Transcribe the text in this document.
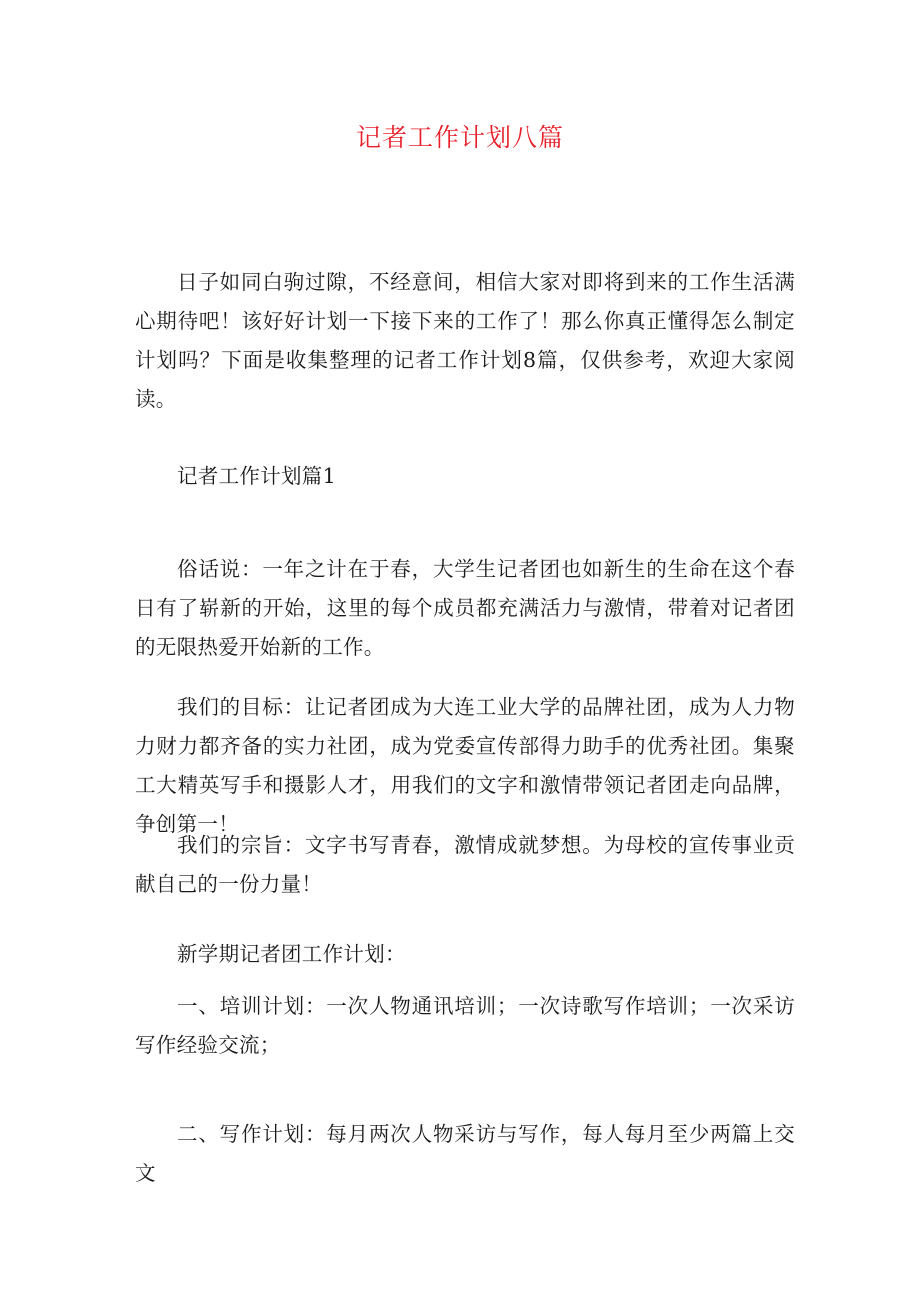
记者工作计划八篇
日子如同白驹过隙，不经意间，相信大家对即将到来的工作生活满心期待吧！该好好计划一下接下来的工作了！那么你真正懂得怎么制定计划吗？下面是收集整理的记者工作计划8篇，仅供参考，欢迎大家阅读。
记者工作计划篇1
俗话说：一年之计在于春，大学生记者团也如新生的生命在这个春日有了崭新的开始，这里的每个成员都充满活力与激情，带着对记者团的无限热爱开始新的工作。
我们的目标：让记者团成为大连工业大学的品牌社团，成为人力物力财力都齐备的实力社团，成为党委宣传部得力助手的优秀社团。集聚工大精英写手和摄影人才，用我们的文字和激情带领记者团走向品牌，争创第一！
我们的宗旨：文字书写青春，激情成就梦想。为母校的宣传事业贡献自己的一份力量！
新学期记者团工作计划：
一、培训计划：一次人物通讯培训；一次诗歌写作培训；一次采访写作经验交流；
二、写作计划：每月两次人物采访与写作，每人每月至少两篇上交文
